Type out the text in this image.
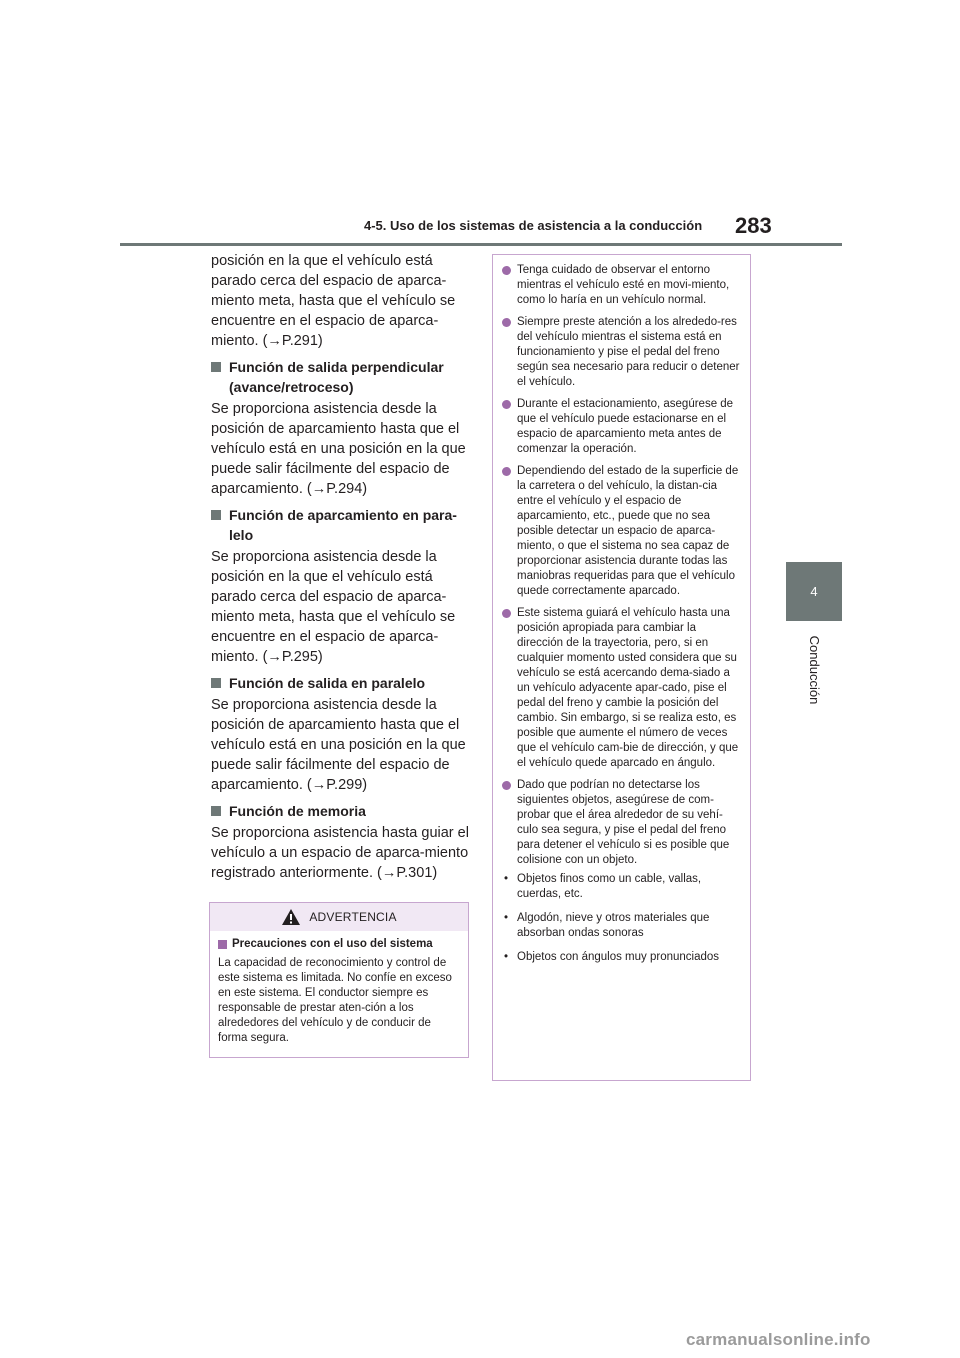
4-5. Uso de los sistemas de asistencia a la conducción 283
4
Conducción

posición en la que el vehículo está parado cerca del espacio de aparca-miento meta, hasta que el vehículo se encuentre en el espacio de aparca-miento. (→P.291)

Función de salida perpendicular (avance/retroceso)

Se proporciona asistencia desde la posición de aparcamiento hasta que el vehículo está en una posición en la que puede salir fácilmente del espacio de aparcamiento. (→P.294)

Función de aparcamiento en para-lelo

Se proporciona asistencia desde la posición en la que el vehículo está parado cerca del espacio de aparca-miento meta, hasta que el vehículo se encuentre en el espacio de aparca-miento. (→P.295)

Función de salida en paralelo

Se proporciona asistencia desde la posición de aparcamiento hasta que el vehículo está en una posición en la que puede salir fácilmente del espacio de aparcamiento. (→P.299)

Función de memoria

Se proporciona asistencia hasta guiar el vehículo a un espacio de aparca-miento registrado anteriormente. (→P.301)

ADVERTENCIA
Precauciones con el uso del sistema
La capacidad de reconocimiento y control de este sistema es limitada. No confíe en exceso en este sistema. El conductor siempre es responsable de prestar aten-ción a los alrededores del vehículo y de conducir de forma segura.
Tenga cuidado de observar el entorno mientras el vehículo esté en movi-miento, como lo haría en un vehículo normal.
Siempre preste atención a los alrededo-res del vehículo mientras el sistema está en funcionamiento y pise el pedal del freno según sea necesario para reducir o detener el vehículo.
Durante el estacionamiento, asegúrese de que el vehículo puede estacionarse en el espacio de aparcamiento meta antes de comenzar la operación.
Dependiendo del estado de la superficie de la carretera o del vehículo, la distan-cia entre el vehículo y el espacio de aparcamiento, etc., puede que no sea posible detectar un espacio de aparca-miento, o que el sistema no sea capaz de proporcionar asistencia durante todas las maniobras requeridas para que el vehículo quede correctamente aparcado.
Este sistema guiará el vehículo hasta una posición apropiada para cambiar la dirección de la trayectoria, pero, si en cualquier momento usted considera que su vehículo se está acercando dema-siado a un vehículo adyacente apar-cado, pise el pedal del freno y cambie la posición del cambio. Sin embargo, si se realiza esto, es posible que aumente el número de veces que el vehículo cam-bie de dirección, y que el vehículo quede aparcado en ángulo.
Dado que podrían no detectarse los siguientes objetos, asegúrese de com-probar que el área alrededor de su vehí-culo sea segura, y pise el pedal del freno para detener el vehículo si es posible que colisione con un objeto.
• Objetos finos como un cable, vallas, cuerdas, etc.
• Algodón, nieve y otros materiales que absorban ondas sonoras
• Objetos con ángulos muy pronunciados
carmanualsonline.info
